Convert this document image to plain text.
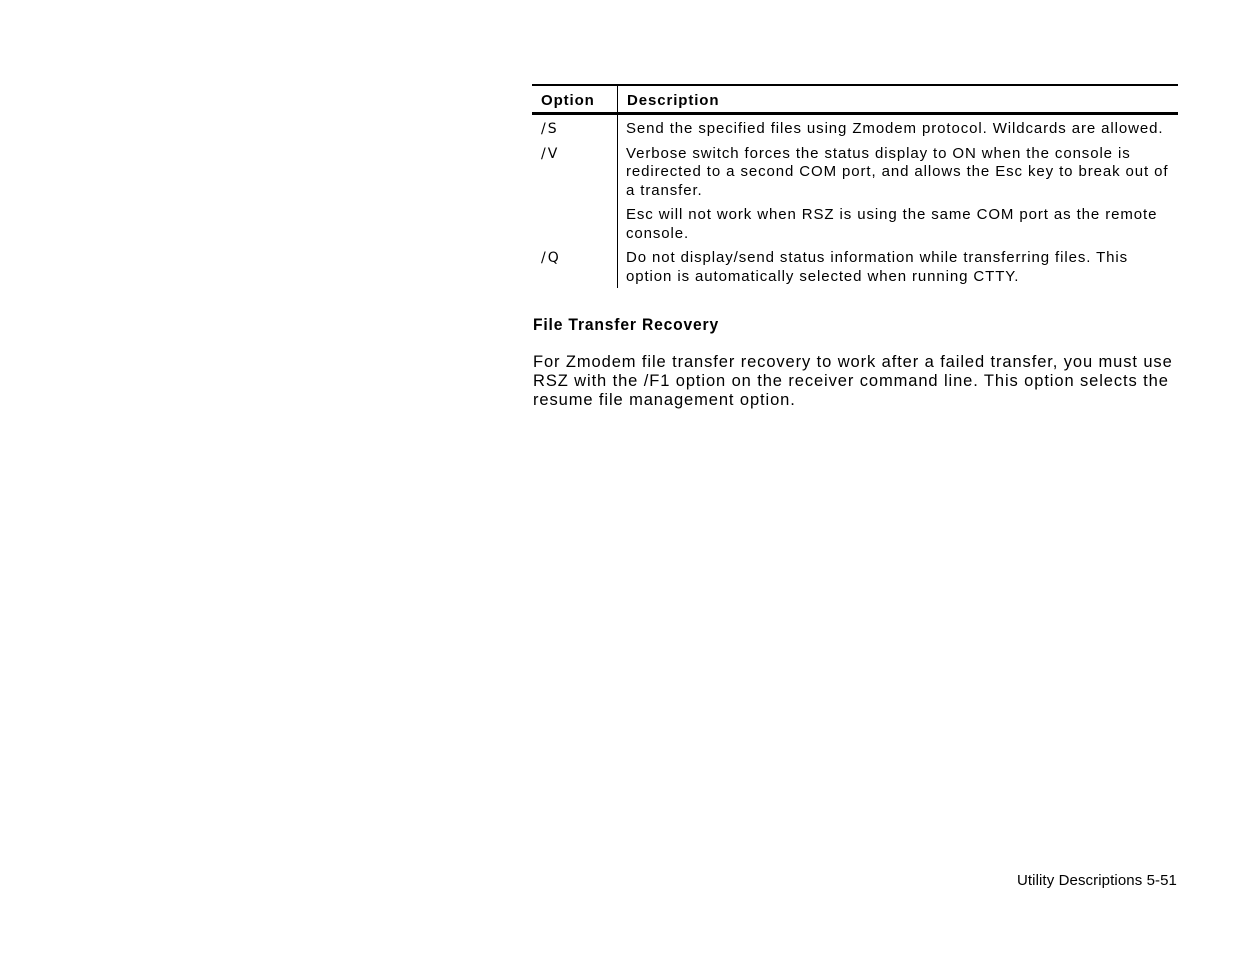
Option	Description
/S	Send the specified files using Zmodem protocol. Wildcards are allowed.
/V	Verbose switch forces the status display to ON when the console is redirected to a second COM port, and allows the Esc key to break out of a transfer.
	Esc will not work when RSZ is using the same COM port as the remote console.
/Q	Do not display/send status information while transferring files. This option is automatically selected when running CTTY.
File Transfer Recovery

For Zmodem file transfer recovery to work after a failed transfer, you must use RSZ with the /F1 option on the receiver command line. This option selects the resume file management option.

Utility Descriptions 5-51
